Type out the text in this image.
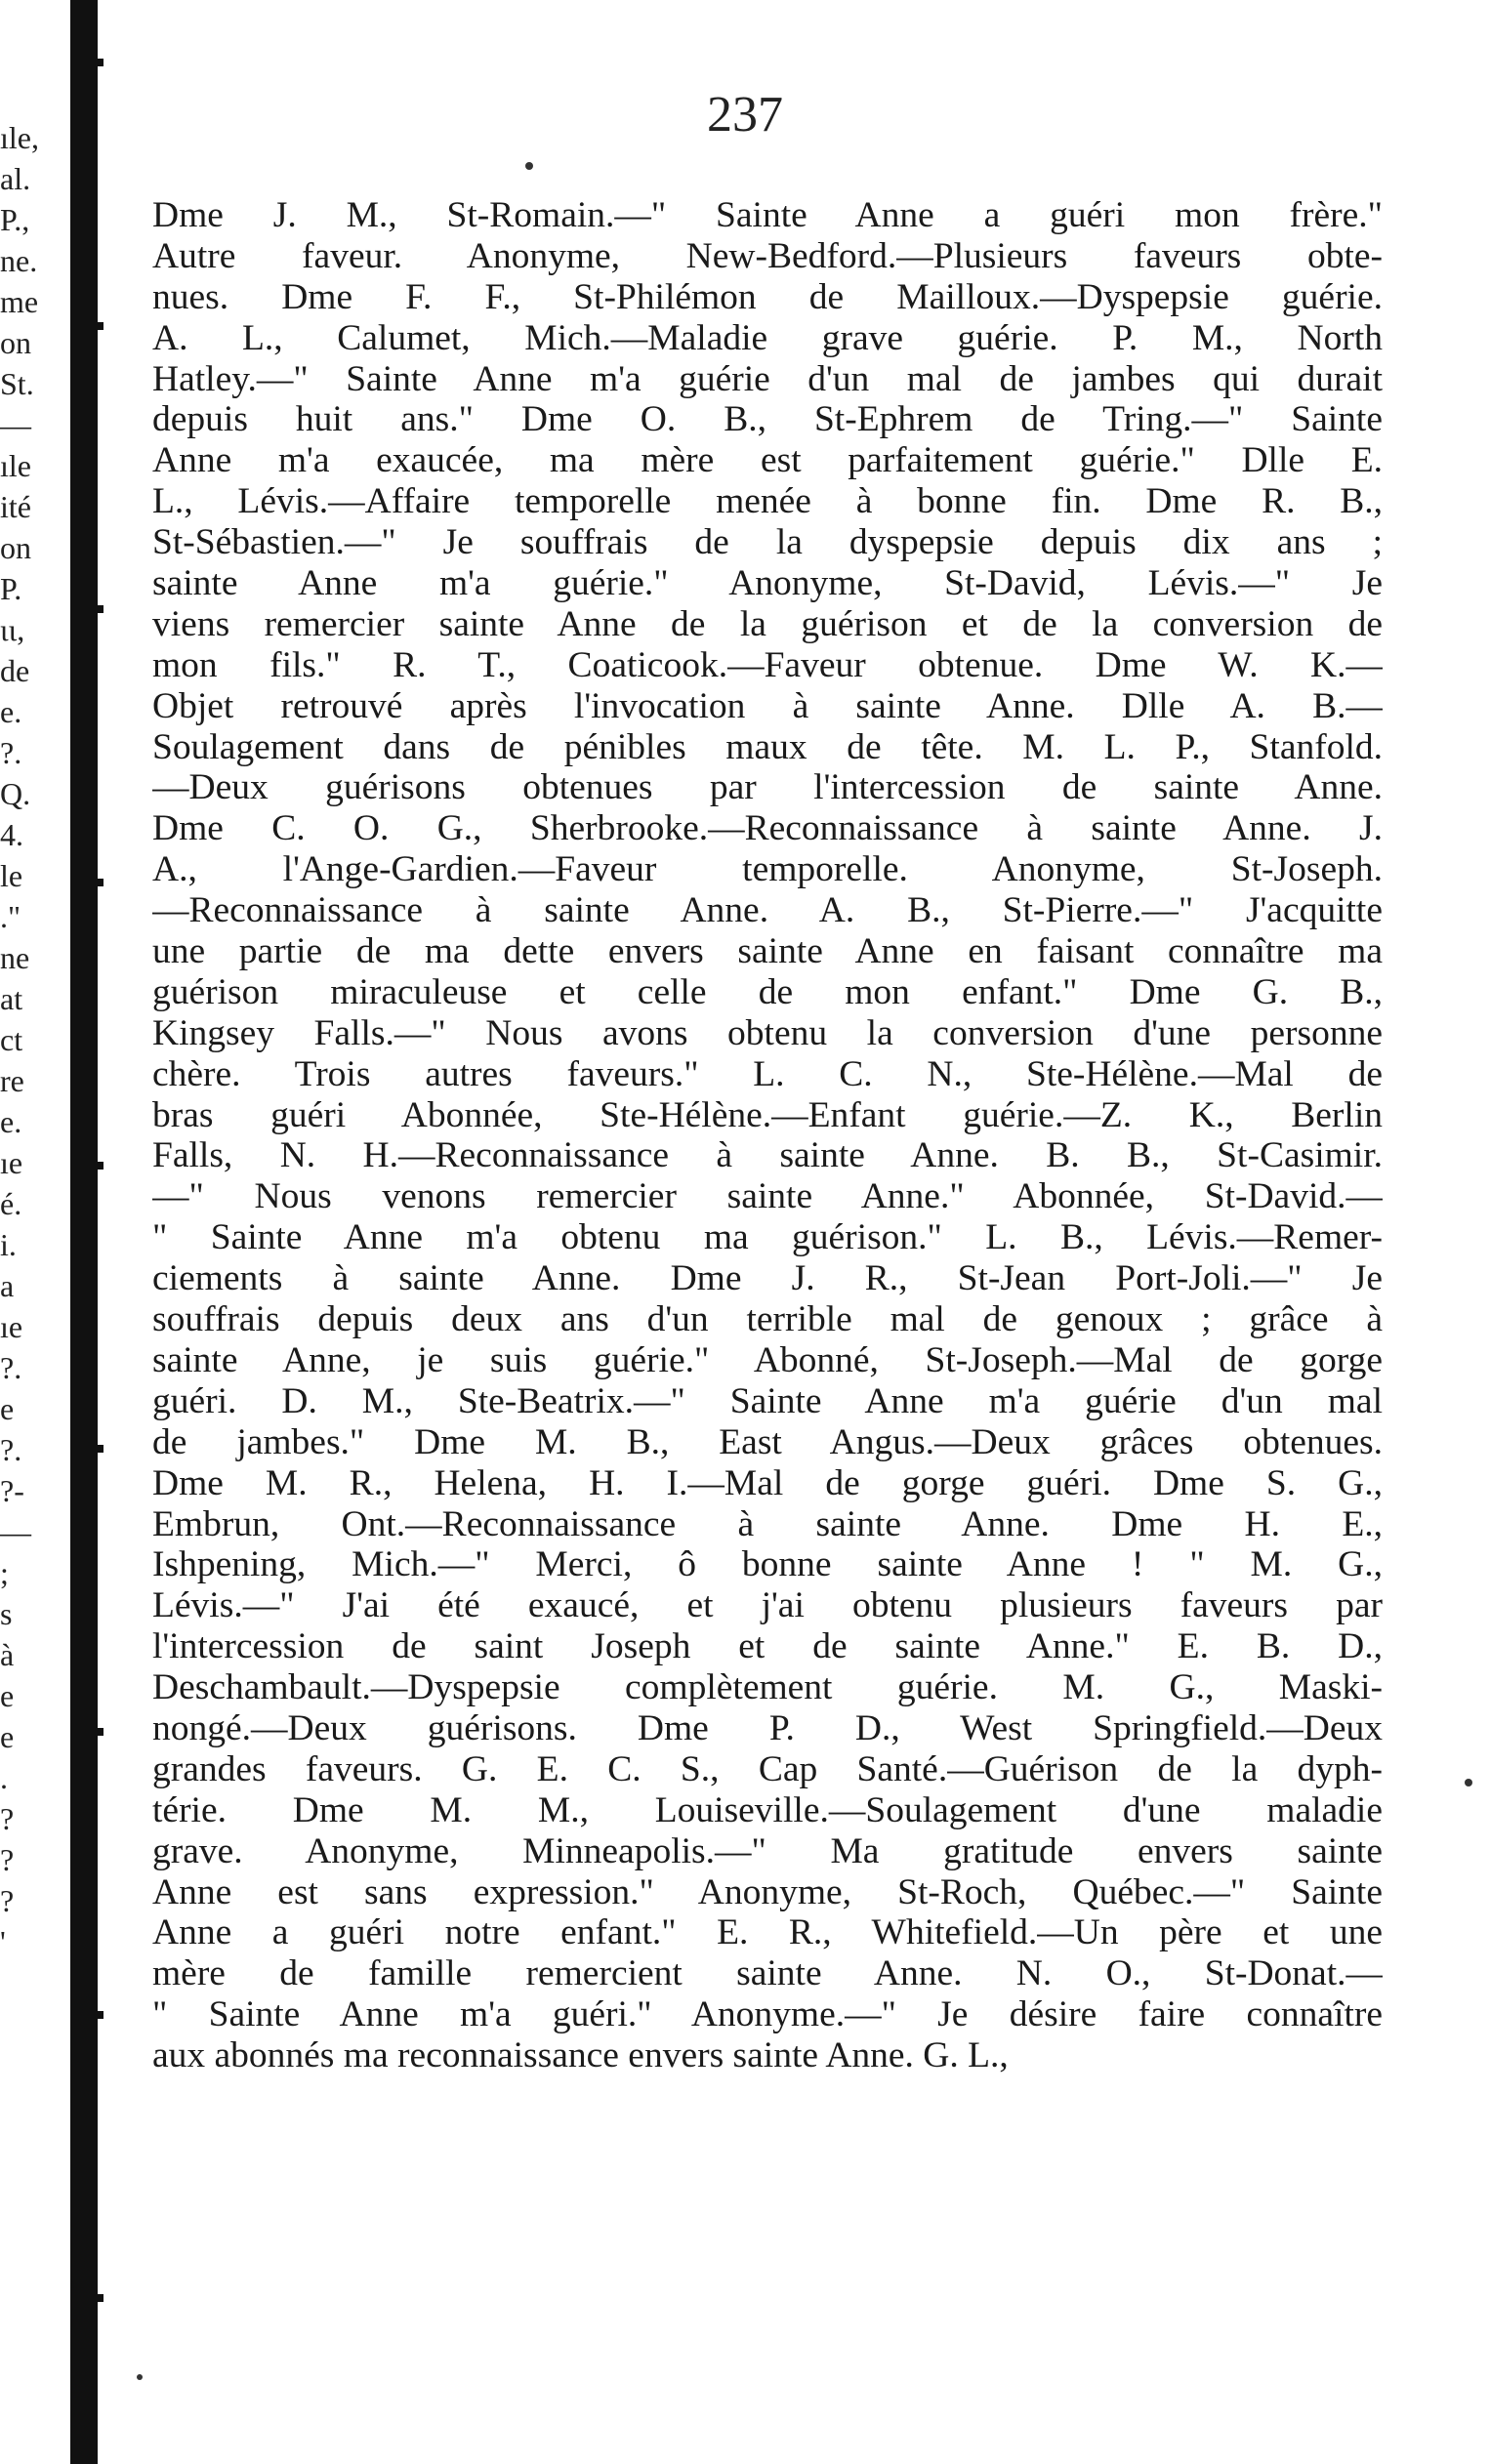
ıle,
al.
P.,
ne.
me
on
St.
—
ıle
ité
on
P.
ιι,
de
e.
?.
Q.
4.
le
."
ne
at
ct
re
e.
ıe
é.
i.
a
ıe
?.
e
?.
?-
—
;
s
à
e
e
.
?
?
?
'
237
Dme J. M., St-Romain.—" Sainte Anne a guéri mon frère."
Autre faveur. Anonyme, New-Bedford.—Plusieurs faveurs obte-
nues. Dme F. F., St-Philémon de Mailloux.—Dyspepsie guérie.
A. L., Calumet, Mich.—Maladie grave guérie. P. M., North
Hatley.—" Sainte Anne m'a guérie d'un mal de jambes qui durait
depuis huit ans." Dme O. B., St-Ephrem de Tring.—" Sainte
Anne m'a exaucée, ma mère est parfaitement guérie." Dlle E.
L., Lévis.—Affaire temporelle menée à bonne fin. Dme R. B.,
St-Sébastien.—" Je souffrais de la dyspepsie depuis dix ans ;
sainte Anne m'a guérie." Anonyme, St-David, Lévis.—" Je
viens remercier sainte Anne de la guérison et de la conversion de
mon fils." R. T., Coaticook.—Faveur obtenue. Dme W. K.—
Objet retrouvé après l'invocation à sainte Anne. Dlle A. B.—
Soulagement dans de pénibles maux de tête. M. L. P., Stanfold.
—Deux guérisons obtenues par l'intercession de sainte Anne.
Dme C. O. G., Sherbrooke.—Reconnaissance à sainte Anne. J.
A., l'Ange-Gardien.—Faveur temporelle. Anonyme, St-Joseph.
—Reconnaissance à sainte Anne. A. B., St-Pierre.—" J'acquitte
une partie de ma dette envers sainte Anne en faisant connaître ma
guérison miraculeuse et celle de mon enfant." Dme G. B.,
Kingsey Falls.—" Nous avons obtenu la conversion d'une personne
chère. Trois autres faveurs." L. C. N., Ste-Hélène.—Mal de
bras guéri Abonnée, Ste-Hélène.—Enfant guérie.—Z. K., Berlin
Falls, N. H.—Reconnaissance à sainte Anne. B. B., St-Casimir.
—" Nous venons remercier sainte Anne." Abonnée, St-David.—
" Sainte Anne m'a obtenu ma guérison." L. B., Lévis.—Remer-
ciements à sainte Anne. Dme J. R., St-Jean Port-Joli.—" Je
souffrais depuis deux ans d'un terrible mal de genoux ; grâce à
sainte Anne, je suis guérie." Abonné, St-Joseph.—Mal de gorge
guéri. D. M., Ste-Beatrix.—" Sainte Anne m'a guérie d'un mal
de jambes." Dme M. B., East Angus.—Deux grâces obtenues.
Dme M. R., Helena, H. I.—Mal de gorge guéri. Dme S. G.,
Embrun, Ont.—Reconnaissance à sainte Anne. Dme H. E.,
Ishpening, Mich.—" Merci, ô bonne sainte Anne ! " M. G.,
Lévis.—" J'ai été exaucé, et j'ai obtenu plusieurs faveurs par
l'intercession de saint Joseph et de sainte Anne." E. B. D.,
Deschambault.—Dyspepsie complètement guérie. M. G., Maski-
nongé.—Deux guérisons. Dme P. D., West Springfield.—Deux
grandes faveurs. G. E. C. S., Cap Santé.—Guérison de la dyph-
térie. Dme M. M., Louiseville.—Soulagement d'une maladie
grave. Anonyme, Minneapolis.—" Ma gratitude envers sainte
Anne est sans expression." Anonyme, St-Roch, Québec.—" Sainte
Anne a guéri notre enfant." E. R., Whitefield.—Un père et une
mère de famille remercient sainte Anne. N. O., St-Donat.—
" Sainte Anne m'a guéri." Anonyme.—" Je désire faire connaître
aux abonnés ma reconnaissance envers sainte Anne. G. L.,
